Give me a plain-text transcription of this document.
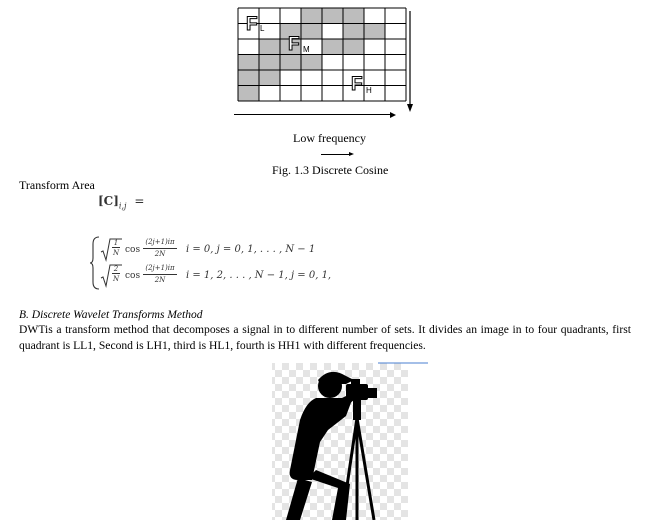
F L
F M
F H
Low frequency
Fig. 1.3 Discrete Cosine
Transform Area
$[C]_{i,j}$ =
1
N cos
(2j+1)iπ
2N	i = 0, j = 0, 1, . . . , N − 1
2
N cos
(2j+1)iπ
2N	i = 1, 2, . . . , N − 1, j = 0, 1,
B. Discrete Wavelet Transforms Method
DWTis a transform method that decomposes a signal in to different number of sets. It divides an image in to four quadrants, first quadrant is LL1, Second is LH1, third is HL1, fourth is HH1 with different frequencies.
